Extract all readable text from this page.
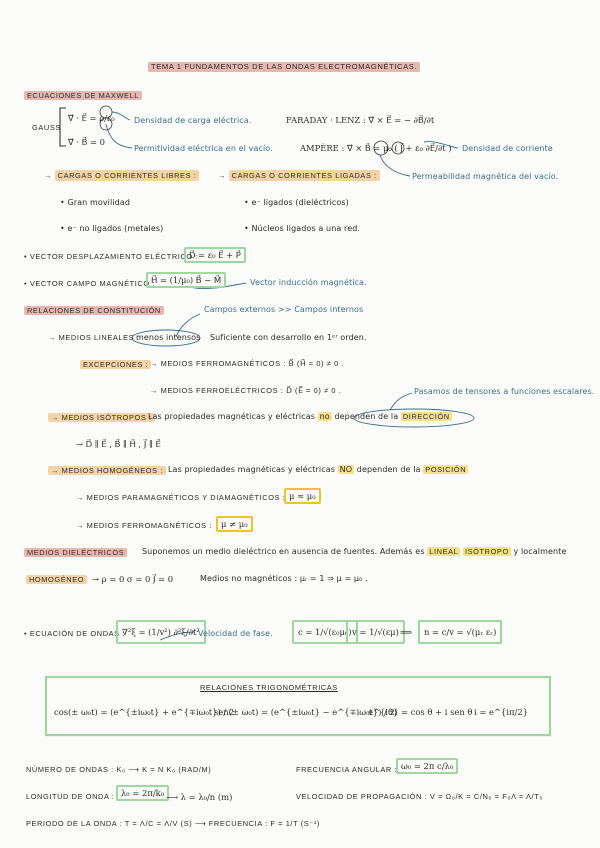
TEMA 1 FUNDAMENTOS DE LAS ONDAS ELECTROMAGNÉTICAS.
ECUACIONES DE MAXWELL
GAUSS
∇⃗ · E⃗ = ρ/ε₀
∇⃗ · B⃗ = 0
Densidad de carga eléctrica.
Permitividad eléctrica en el vacío.
FARADAY · LENZ : ∇⃗ × E⃗ = − ∂B⃗/∂t
AMPÈRE : ∇⃗ × B⃗ = μ₀ ( J⃗ + ε₀ ∂E⃗/∂t ) Densidad de corriente
Permeabilidad magnética del vacío.
→ CARGAS O CORRIENTES LIBRES :	→ CARGAS O CORRIENTES LIGADAS :
• Gran movilidad
• e⁻ no ligados (metales)
• e⁻ ligados (dieléctricos)
• Núcleos ligados a una red.
• VECTOR DESPLAZAMIENTO ELÉCTRICO :
D⃗ = ε₀ E⃗ + P⃗
• VECTOR CAMPO MAGNÉTICO :
H⃗ = (1/μ₀) B⃗ − M⃗	Vector inducción magnética.
RELACIONES DE CONSTITUCIÓN	Campos externos >> Campos internos
→ MEDIOS LINEALES :
menos intensos Suficiente con desarrollo en 1ᵉʳ orden.
EXCEPCIONES : → MEDIOS FERROMAGNÉTICOS : B⃗ (H⃗ = 0) ≠ 0 .
→ MEDIOS FERROELÉCTRICOS : D⃗ (E⃗ = 0) ≠ 0 .	Pasamos de tensores a funciones escalares.
→ MEDIOS ISÓTROPOS :
Las propiedades magnéticas y eléctricas no dependen de la DIRECCIÓN
→ D⃗ ∥ E⃗ , B⃗ ∥ H⃗ , J⃗ ∥ E⃗
→ MEDIOS HOMOGÉNEOS : Las propiedades magnéticas y eléctricas NO dependen de la POSICIÓN
→ MEDIOS PARAMAGNÉTICOS Y DIAMAGNÉTICOS : μ ≈ μ₀
→ MEDIOS FERROMAGNÉTICOS :	μ ≠ μ₀
MEDIOS DIELÉCTRICOS	Suponemos un medio dieléctrico en ausencia de fuentes. Además es LINEAL ISÓTROPO y localmente
HOMOGÉNEO → ρ = 0 σ = 0 J⃗ = 0	Medios no magnéticos : μᵣ = 1 ⇒ μ = μ₀ .
• ECUACIÓN DE ONDAS :
∇²ξ = (1/v²) ∂²ξ/∂t²
Velocidad de fase.	c = 1/√(ε₀μ₀) v = 1/√(εμ) ⟹	n = c/v = √(μᵣ εᵣ)
RELACIONES TRIGONOMÉTRICAS
cos(± ω₀t) = (e^{±iω₀t} + e^{∓iω₀t}) / 2
sen(± ω₀t) = (e^{±iω₀t} − e^{∓iω₀t}) / 2i
e^{iθ} = cos θ + i sen θ i = e^{iπ/2}
NÚMERO DE ONDAS : K₀ ⟶ K = N K₀ (RAD/M)	FRECUENCIA ANGULAR : ω₀ = 2π c/λ₀
LONGITUD DE ONDA : λ₀ = 2π/k₀ ⟶ λ = λ₀/n (m)	VELOCIDAD DE PROPAGACIÓN : V = Ω₀/K = C/N₀ = F₀Λ = Λ/T₀
PERIODO DE LA ONDA : T = Λ/C = Λ/V (S) ⟶ FRECUENCIA : F = 1/T (S⁻¹)
